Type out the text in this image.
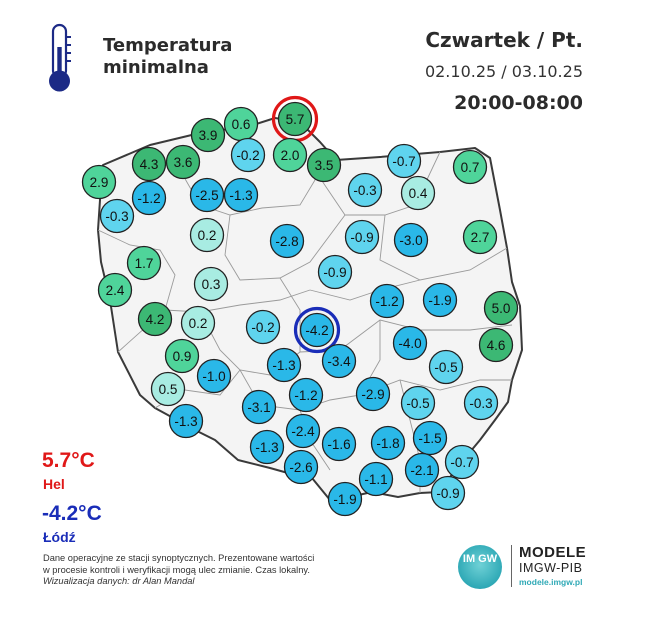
-0.3
2.9
-1.2
4.3 3.6
3.9
0.6	5.7
-0.2 2.0
3.5	-0.7	0.7
-2.5 -1.3	-0.3 0.4
0.2	-2.8	-0.9 -3.0	2.7
1.7
2.4	0.3
-0.9
4.2 0.2	-0.2 -4.2
-1.2 -1.9
5.0
4.6
-4.0
0.9
-1.0
-1.3 -3.4	-0.5
0.5	-1.2	-2.9
-0.5	-0.3
-3.1
-1.3
-2.4
-1.6 -1.8 -1.5
-1.3
-2.6
-1.1
-2.1
-0.7
-1.9	-0.9
Temperatura
minimalna
Czwartek / Pt.
02.10.25 / 03.10.25
20:00-08:00
5.7°C
Hel
-4.2°C
Łódź
Dane operacyjne ze stacji synoptycznych. Prezentowane wartości
w procesie kontroli i weryfikacji mogą ulec zmianie. Czas lokalny.
Wizualizacja danych: dr Alan Mandal
IM GW MODELE
IMGW-PIB
modele.imgw.pl
